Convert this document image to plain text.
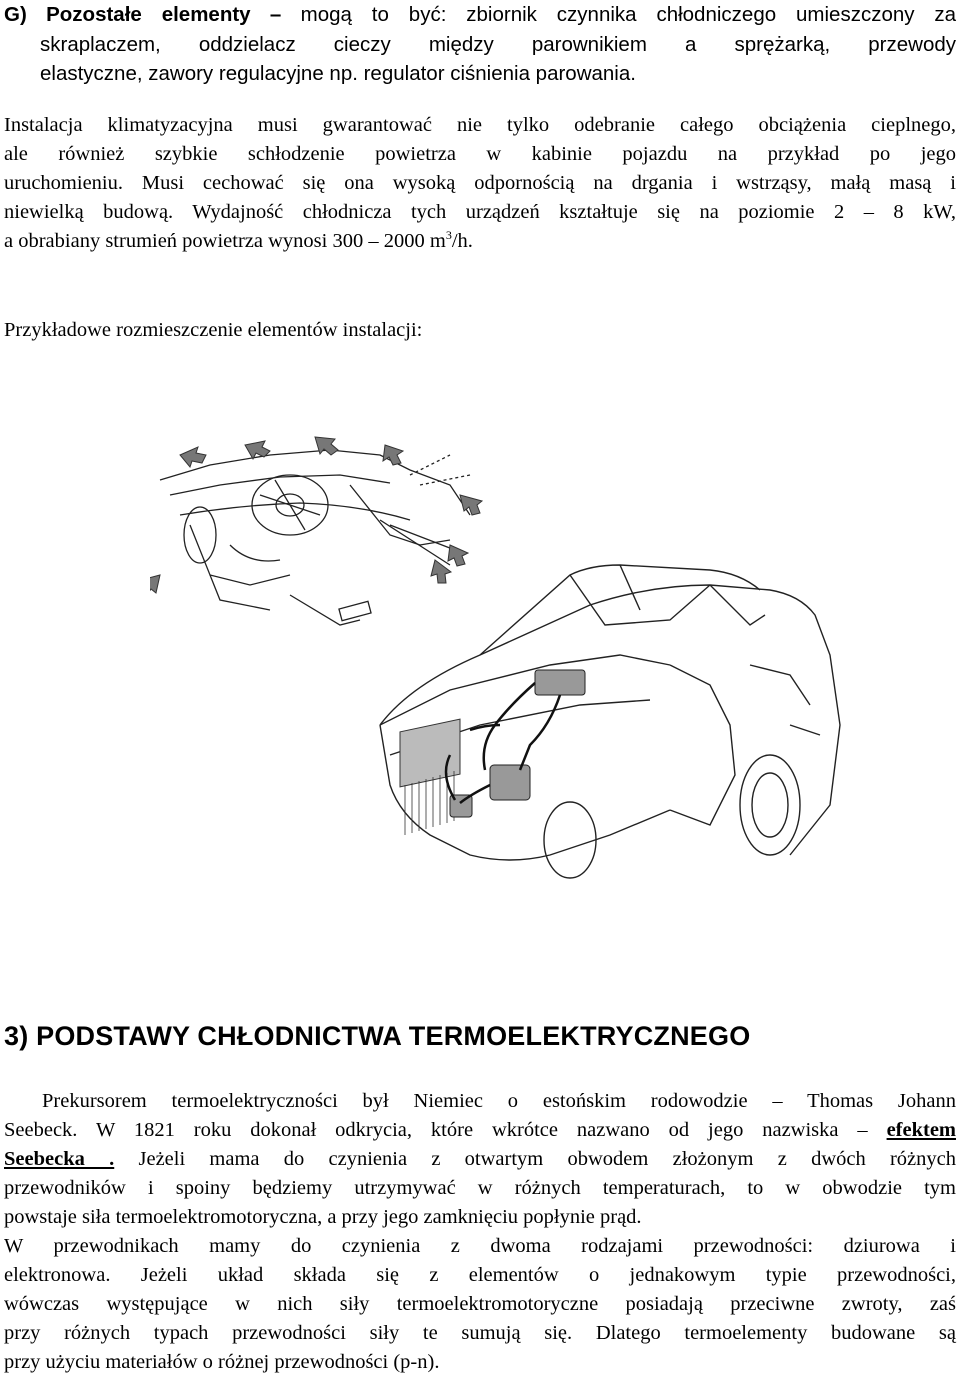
G) Pozostałe elementy – mogą to być: zbiornik czynnika chłodniczego umieszczony za
skraplaczem, oddzielacz cieczy między parownikiem a sprężarką, przewody
elastyczne, zawory regulacyjne np. regulator ciśnienia parowania.
Instalacja klimatyzacyjna musi gwarantować nie tylko odebranie całego obciążenia cieplnego,
ale również szybkie schłodzenie powietrza w kabinie pojazdu na przykład po jego
uruchomieniu. Musi cechować się ona wysoką odpornością na drgania i wstrząsy, małą masą i
niewielką budową. Wydajność chłodnicza tych urządzeń kształtuje się na poziomie 2 – 8 kW,
a obrabiany strumień powietrza wynosi 300 – 2000 $m^3/h$.

Przykładowe rozmieszczenie elementów instalacji:

3) PODSTAWY CHŁODNICTWA TERMOELEKTRYCZNEGO

Prekursorem termoelektryczności był Niemiec o estońskim rodowodzie – Thomas Johann
Seebeck. W 1821 roku dokonał odkrycia, które wkrótce nazwano od jego nazwiska – efektem
Seebecka . Jeżeli mama do czynienia z otwartym obwodem złożonym z dwóch różnych
przewodników i spoiny będziemy utrzymywać w różnych temperaturach, to w obwodzie tym
powstaje siła termoelektromotoryczna, a przy jego zamknięciu popłynie prąd.
W przewodnikach mamy do czynienia z dwoma rodzajami przewodności: dziurowa i
elektronowa. Jeżeli układ składa się z elementów o jednakowym typie przewodności,
wówczas występujące w nich siły termoelektromotoryczne posiadają przeciwne zwroty, zaś
przy różnych typach przewodności siły te sumują się. Dlatego termoelementy budowane są
przy użyciu materiałów o różnej przewodności (p-n).
